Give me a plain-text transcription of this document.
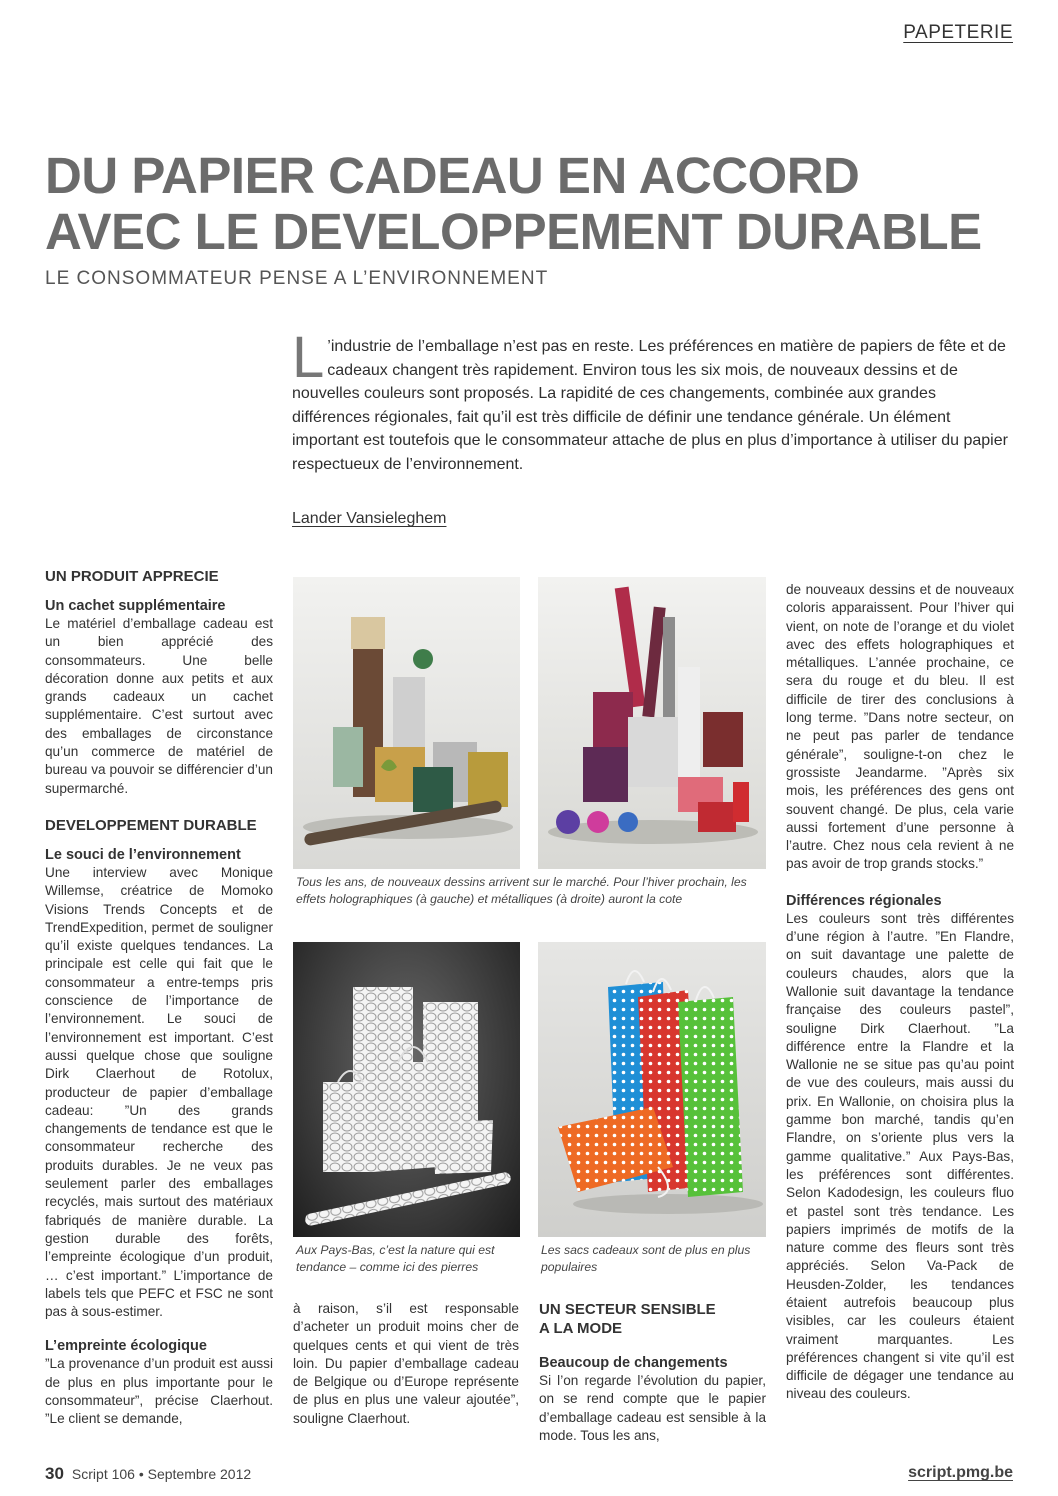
PAPETERIE
DU PAPIER CADEAU EN ACCORD
AVEC LE DEVELOPPEMENT DURABLE
LE CONSOMMATEUR PENSE A L’ENVIRONNEMENT

L ’industrie de l’emballage n’est pas en reste. Les préférences en matière de papiers de fête et de cadeaux changent très rapidement. Environ tous les six mois, de nouveaux dessins et de nouvelles couleurs sont proposés. La rapidité de ces changements, combinée aux grandes différences régionales, fait qu’il est très difficile de définir une tendance générale. Un élément important est toutefois que le consommateur attache de plus en plus d’importance à utiliser du papier respectueux de l’environnement.

Lander Vansieleghem
UN PRODUIT APPRECIE
Un cachet supplémentaire

Le matériel d’emballage cadeau est un bien apprécié des consommateurs. Une belle décoration donne aux petits et aux grands cadeaux un cachet supplémentaire. C’est surtout avec des emballages de circonstance qu’un commerce de matériel de bureau va pouvoir se différencier d’un supermarché.

DEVELOPPEMENT DURABLE
Le souci de l’environnement

Une interview avec Monique Willemse, créatrice de Momoko Visions Trends Concepts et de TrendExpedition, permet de souligner qu’il existe quelques tendances. La principale est celle qui fait que le consommateur a entre-temps pris conscience de l’importance de l’environnement. Le souci de l’environnement est important. C’est aussi quelque chose que souligne Dirk Claerhout de Rotolux, producteur de papier d’emballage cadeau: ”Un des grands changements de tendance est que le consommateur recherche des produits durables. Je ne veux pas seulement parler des emballages recyclés, mais surtout des matériaux fabriqués de manière durable. La gestion durable des forêts, l’empreinte écologique d’un produit, … c’est important.” L’importance de labels tels que PEFC et FSC ne sont pas à sous-estimer.

L’empreinte écologique

”La provenance d’un produit est aussi de plus en plus importante pour le consommateur”, précise Claerhout. ”Le client se demande,

Tous les ans, de nouveaux dessins arrivent sur le marché. Pour l’hiver prochain, les effets holographiques (à gauche) et métalliques (à droite) auront la cote
Aux Pays-Bas, c’est la nature qui est tendance – comme ici des pierres
Les sacs cadeaux sont de plus en plus populaires

à raison, s’il est responsable d’acheter un produit moins cher de quelques cents et qui vient de très loin. Du papier d’emballage cadeau de Belgique ou d’Europe représente de plus en plus une valeur ajoutée”, souligne Claerhout.

UN SECTEUR SENSIBLE
A LA MODE
Beaucoup de changements

Si l’on regarde l’évolution du papier, on se rend compte que le papier d’emballage cadeau est sensible à la mode. Tous les ans,

de nouveaux dessins et de nouveaux coloris apparaissent. Pour l’hiver qui vient, on note de l’orange et du violet avec des effets holographiques et métalliques. L’année prochaine, ce sera du rouge et du bleu. Il est difficile de tirer des conclusions à long terme. ”Dans notre secteur, on ne peut pas parler de tendance générale”, souligne-t-on chez le grossiste Jeandarme. ”Après six mois, les préférences des gens ont souvent changé. De plus, cela varie aussi fortement d’une personne à l’autre. Chez nous cela revient à ne pas avoir de trop grands stocks.”

Différences régionales

Les couleurs sont très différentes d’une région à l’autre. ”En Flandre, on suit davantage une palette de couleurs chaudes, alors que la Wallonie suit davantage la tendance française des couleurs pastel”, souligne Dirk Claerhout. ”La différence entre la Flandre et la Wallonie ne se situe pas qu’au point de vue des couleurs, mais aussi du prix. En Wallonie, on choisira plus la gamme bon marché, tandis qu’en Flandre, on s’oriente plus vers la gamme qualitative.” Aux Pays-Bas, les préférences sont différentes. Selon Kadodesign, les couleurs fluo et pastel sont très tendance. Les papiers imprimés de motifs de la nature comme des fleurs sont très appréciés. Selon Va-Pack de Heusden-Zolder, les tendances étaient autrefois beaucoup plus visibles, car les couleurs étaient vraiment marquantes. Les préférences changent si vite qu’il est difficile de dégager une tendance au niveau des couleurs.

30 Script 106 • Septembre 2012	script.pmg.be
